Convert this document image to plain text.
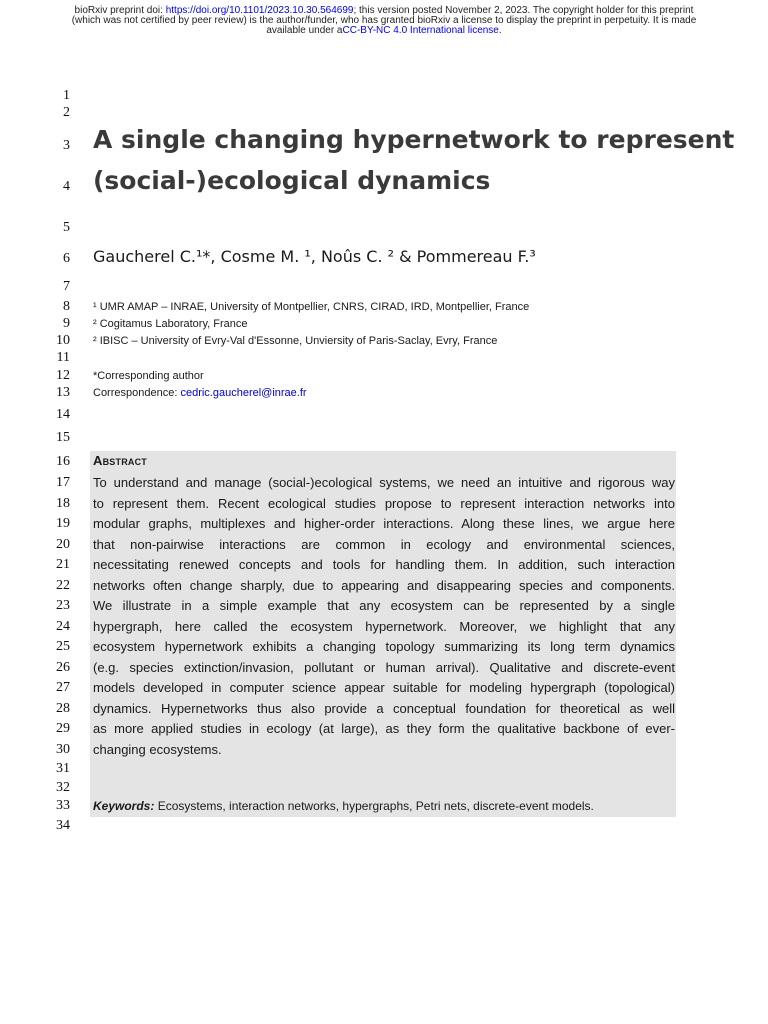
bioRxiv preprint doi: https://doi.org/10.1101/2023.10.30.564699; this version posted November 2, 2023. The copyright holder for this preprint (which was not certified by peer review) is the author/funder, who has granted bioRxiv a license to display the preprint in perpetuity. It is made available under aCC-BY-NC 4.0 International license.
1
2
3
4
5
6
7
8
9
10
11
12
13
14
15
16
17
18
19
20
21
22
23
24
25
26
27
28
29
30
31
32
33
34
A single changing hypernetwork to represent
(social-)ecological dynamics
Gaucherel C.¹*, Cosme M. ¹, Noûs C. ² & Pommereau F.³
¹ UMR AMAP – INRAE, University of Montpellier, CNRS, CIRAD, IRD, Montpellier, France
² Cogitamus Laboratory, France
² IBISC – University of Evry-Val d'Essonne, Unviersity of Paris-Saclay, Evry, France
*Corresponding author
Correspondence: cedric.gaucherel@inrae.fr
Abstract
To understand and manage (social-)ecological systems, we need an intuitive and rigorous way
to represent them. Recent ecological studies propose to represent interaction networks into
modular graphs, multiplexes and higher-order interactions. Along these lines, we argue here
that non-pairwise interactions are common in ecology and environmental sciences,
necessitating renewed concepts and tools for handling them. In addition, such interaction
networks often change sharply, due to appearing and disappearing species and components.
We illustrate in a simple example that any ecosystem can be represented by a single
hypergraph, here called the ecosystem hypernetwork. Moreover, we highlight that any
ecosystem hypernetwork exhibits a changing topology summarizing its long term dynamics
(e.g. species extinction/invasion, pollutant or human arrival). Qualitative and discrete-event
models developed in computer science appear suitable for modeling hypergraph (topological)
dynamics. Hypernetworks thus also provide a conceptual foundation for theoretical as well
as more applied studies in ecology (at large), as they form the qualitative backbone of ever-
changing ecosystems.
Keywords: Ecosystems, interaction networks, hypergraphs, Petri nets, discrete-event models.
